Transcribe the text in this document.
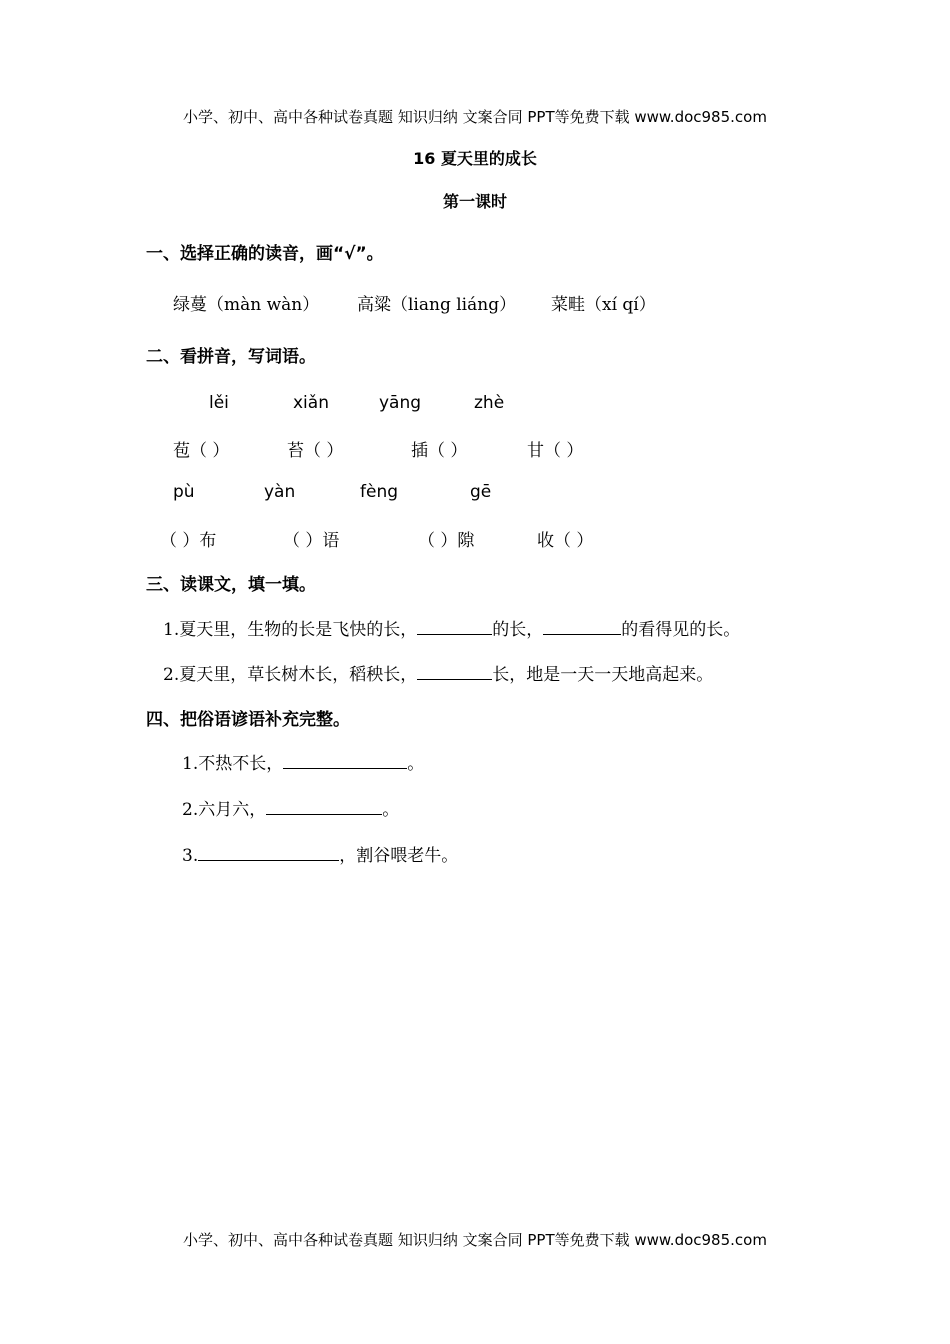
小学、初中、高中各种试卷真题 知识归纳 文案合同 PPT等免费下载 www.doc985.com
16 夏天里的成长
第一课时
一、选择正确的读音，画“√”。
绿蔓（màn wàn） 高粱（liang liáng） 菜畦（xí qí）
二、看拼音，写词语。
lěi	xiǎn	yāng	zhè
苞（ ）	苔（ ）	插（ ）	甘（ ）
pù	yàn	fèng	gē
（ ）布	（ ）语	（ ）隙	收（ ）
三、读课文，填一填。
1.夏天里，生物的长是飞快的长，	的长，	的看得见的长。
2.夏天里，草长树木长，稻秧长，	长，地是一天一天地高起来。
四、把俗语谚语补充完整。
1.不热不长，	。
2.六月六，	。
3.	，割谷喂老牛。
小学、初中、高中各种试卷真题 知识归纳 文案合同 PPT等免费下载 www.doc985.com
